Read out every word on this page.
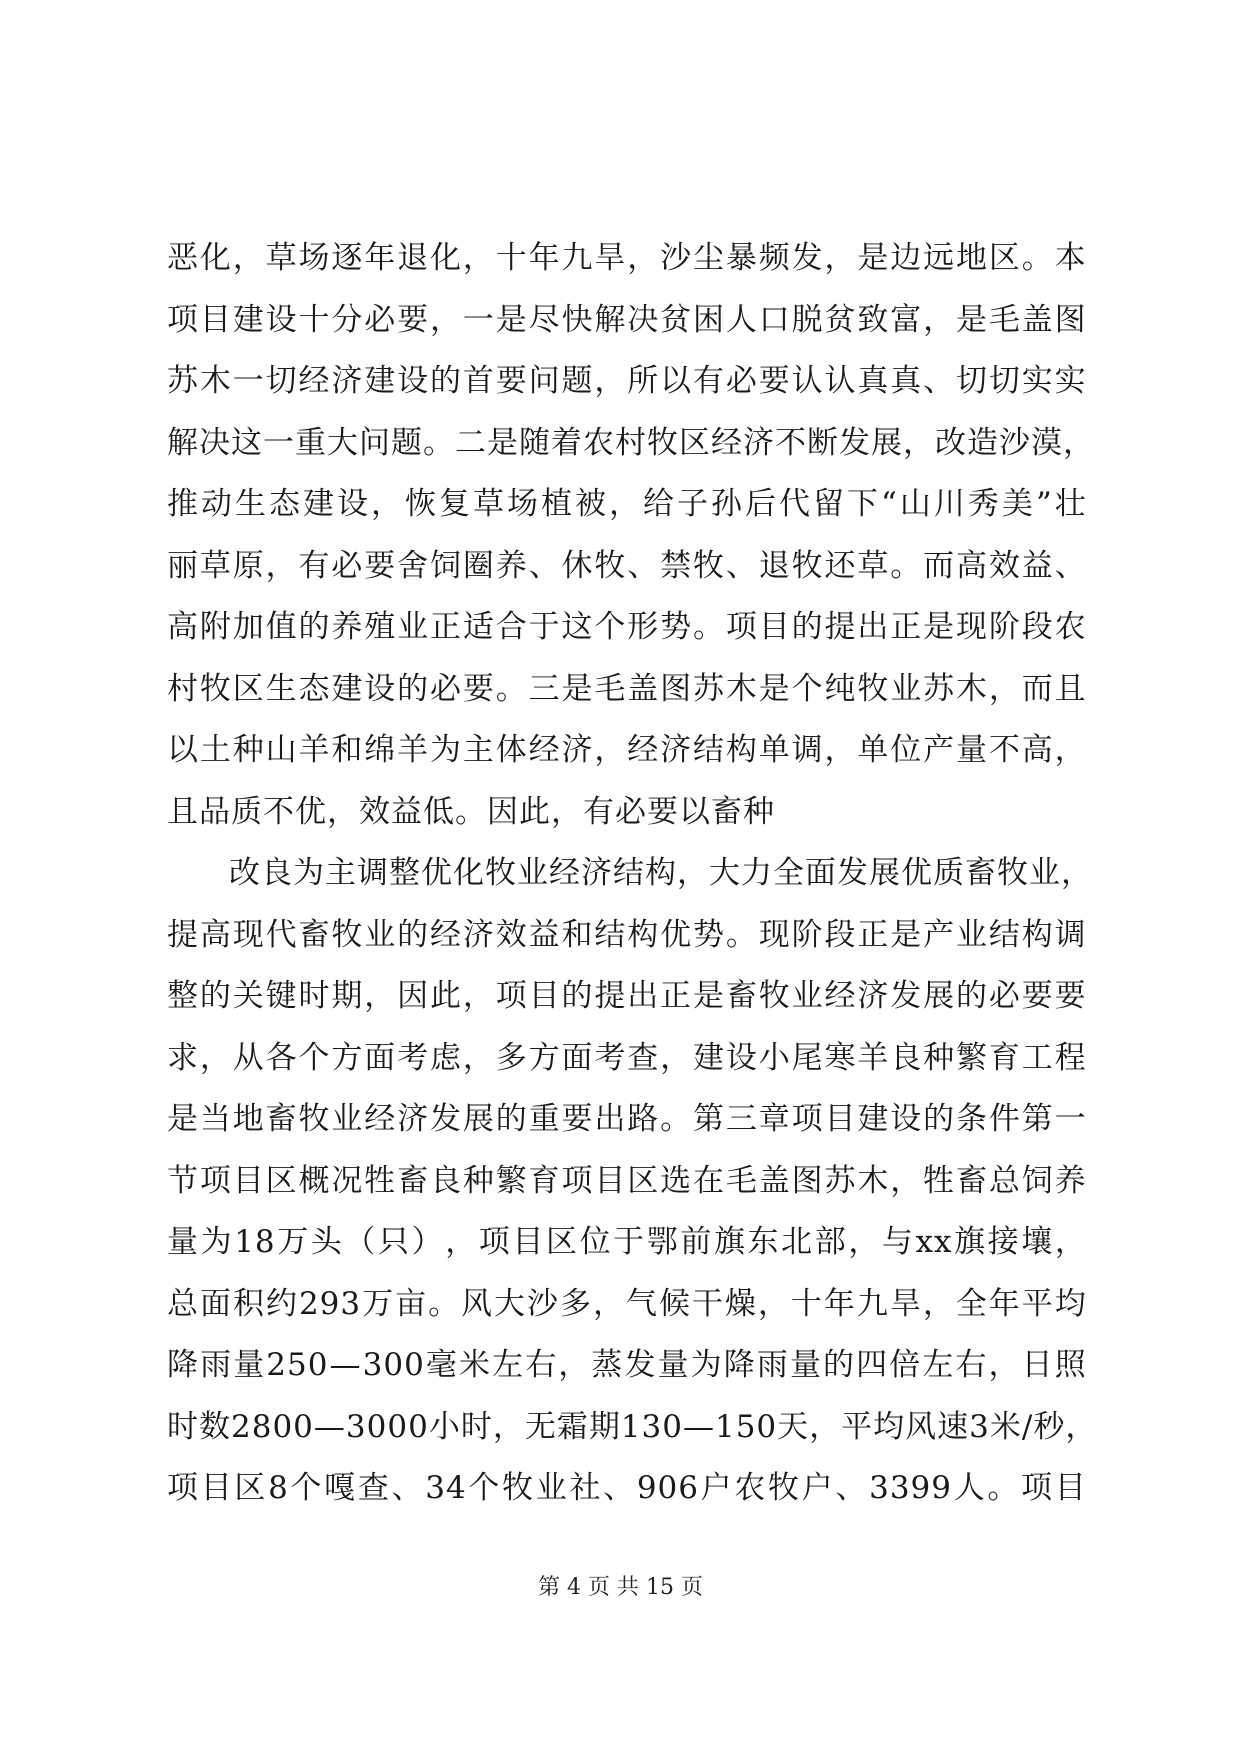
恶 化 ， 草 场 逐 年 退 化 ， 十 年 九 旱 ， 沙 尘 暴 频 发 ， 是 边 远 地 区 。 本
项 目 建 设 十 分 必 要 ， 一 是 尽 快 解 决 贫 困 人 口 脱 贫 致 富 ， 是 毛 盖 图
苏 木 一 切 经 济 建 设 的 首 要 问 题 ， 所 以 有 必 要 认 认 真 真 、 切 切 实 实
解 决 这 一 重 大 问 题 。 二 是 随 着 农 村 牧 区 经 济 不 断 发 展 ， 改 造 沙 漠 ，
推 动 生 态 建 设 ， 恢 复 草 场 植 被 ， 给 子 孙 后 代 留 下 “ 山 川 秀 美 ” 壮
丽 草 原 ， 有 必 要 舍 饲 圈 养 、 休 牧 、 禁 牧 、 退 牧 还 草 。 而 高 效 益 、
高 附 加 值 的 养 殖 业 正 适 合 于 这 个 形 势 。 项 目 的 提 出 正 是 现 阶 段 农
村 牧 区 生 态 建 设 的 必 要 。 三 是 毛 盖 图 苏 木 是 个 纯 牧 业 苏 木 ， 而 且
以 土 种 山 羊 和 绵 羊 为 主 体 经 济 ， 经 济 结 构 单 调 ， 单 位 产 量 不 高 ，
且品质不优，效益低。因此，有必要以畜种
改 良 为 主 调 整 优 化 牧 业 经 济 结 构 ， 大 力 全 面 发 展 优 质 畜 牧 业 ，
提 高 现 代 畜 牧 业 的 经 济 效 益 和 结 构 优 势 。 现 阶 段 正 是 产 业 结 构 调
整 的 关 键 时 期 ， 因 此 ， 项 目 的 提 出 正 是 畜 牧 业 经 济 发 展 的 必 要 要
求 ， 从 各 个 方 面 考 虑 ， 多 方 面 考 查 ， 建 设 小 尾 寒 羊 良 种 繁 育 工 程
是 当 地 畜 牧 业 经 济 发 展 的 重 要 出 路 。 第 三 章 项 目 建 设 的 条 件 第 一
节 项 目 区 概 况 牲 畜 良 种 繁 育 项 目 区 选 在 毛 盖 图 苏 木 ， 牲 畜 总 饲 养
量 为 18 万 头 （ 只 ） ， 项 目 区 位 于 鄂 前 旗 东 北 部 ， 与 xx 旗 接 壤 ，
总 面 积 约 293 万 亩 。 风 大 沙 多 ， 气 候 干 燥 ， 十 年 九 旱 ， 全 年 平 均
降 雨 量 250 — 300 毫 米 左 右 ， 蒸 发 量 为 降 雨 量 的 四 倍 左 右 ， 日 照
时 数 2800 — 3000 小 时 ， 无 霜 期 130 — 150 天 ， 平 均 风 速 3 米 / 秒 ，
项 目 区 8 个 嘎 查 、 34 个 牧 业 社 、 906 户 农 牧 户 、 3399 人 。 项 目
第 4 页 共 15 页
